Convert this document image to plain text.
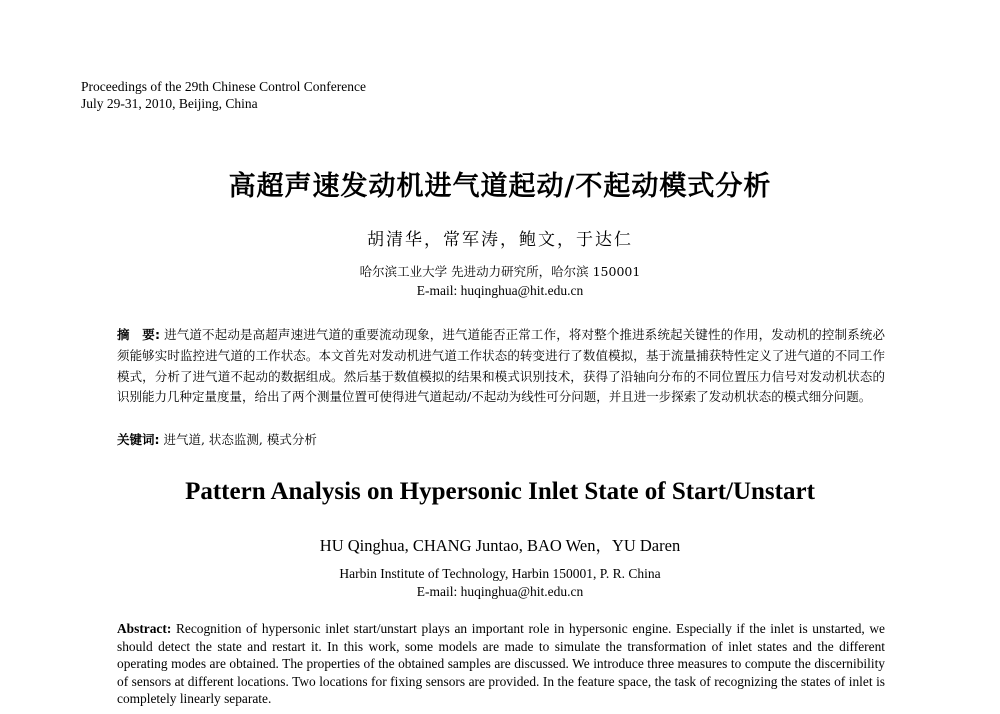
Proceedings of the 29th Chinese Control Conference
July 29-31, 2010, Beijing, China
高超声速发动机进气道起动/不起动模式分析
胡清华，常军涛，鲍文，于达仁
哈尔滨工业大学 先进动力研究所，哈尔滨 150001
E-mail: huqinghua@hit.edu.cn
摘　要: 进气道不起动是高超声速进气道的重要流动现象，进气道能否正常工作，将对整个推进系统起关键性的作用，发动机的控制系统必须能够实时监控进气道的工作状态。本文首先对发动机进气道工作状态的转变进行了数值模拟，基于流量捕获特性定义了进气道的不同工作模式，分析了进气道不起动的数据组成。然后基于数值模拟的结果和模式识别技术，获得了沿轴向分布的不同位置压力信号对发动机状态的识别能力几种定量度量，给出了两个测量位置可使得进气道起动/不起动为线性可分问题，并且进一步探索了发动机状态的模式细分问题。
关键词: 进气道, 状态监测, 模式分析
Pattern Analysis on Hypersonic Inlet State of Start/Unstart
HU Qinghua, CHANG Juntao, BAO Wen，YU Daren
Harbin Institute of Technology, Harbin 150001, P. R. China
E-mail: huqinghua@hit.edu.cn
Abstract: Recognition of hypersonic inlet start/unstart plays an important role in hypersonic engine. Especially if the inlet is unstarted, we should detect the state and restart it. In this work, some models are made to simulate the transformation of inlet states and the different operating modes are obtained. The properties of the obtained samples are discussed. We introduce three measures to compute the discernibility of sensors at different locations. Two locations for fixing sensors are provided. In the feature space, the task of recognizing the states of inlet is completely linearly separate.
